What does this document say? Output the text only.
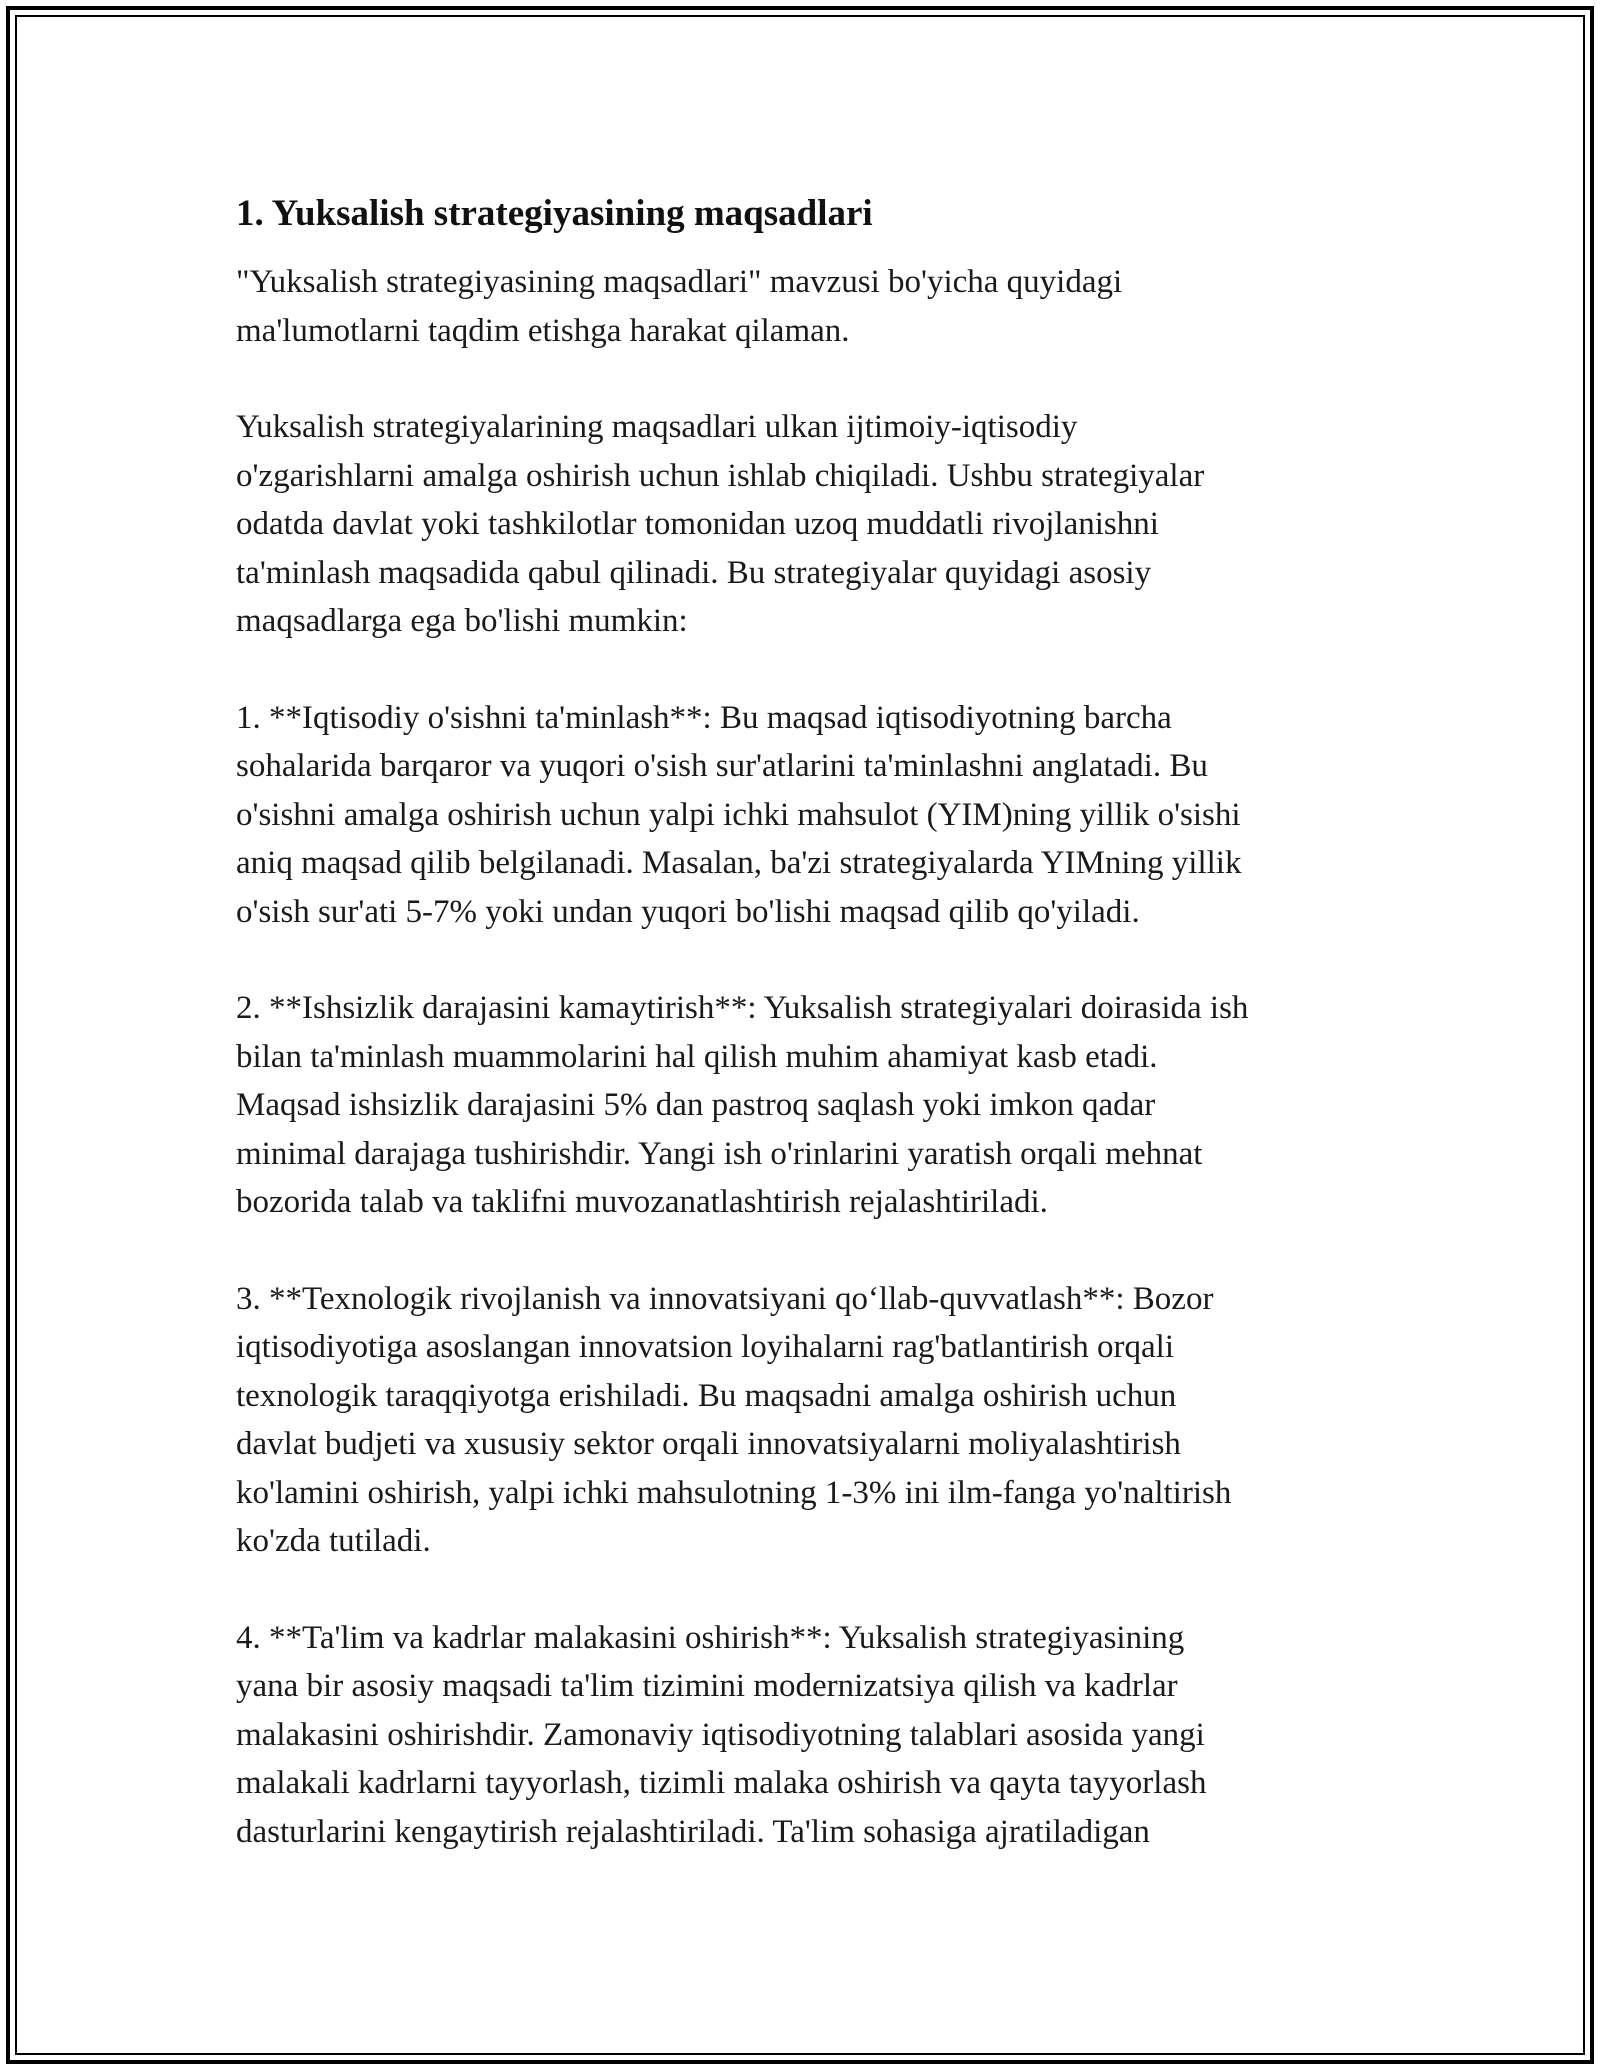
1. Yuksalish strategiyasining maqsadlari

"Yuksalish strategiyasining maqsadlari" mavzusi bo'yicha quyidagi
ma'lumotlarni taqdim etishga harakat qilaman.

Yuksalish strategiyalarining maqsadlari ulkan ijtimoiy-iqtisodiy
o'zgarishlarni amalga oshirish uchun ishlab chiqiladi. Ushbu strategiyalar
odatda davlat yoki tashkilotlar tomonidan uzoq muddatli rivojlanishni
ta'minlash maqsadida qabul qilinadi. Bu strategiyalar quyidagi asosiy
maqsadlarga ega bo'lishi mumkin:

1. **Iqtisodiy o'sishni ta'minlash**: Bu maqsad iqtisodiyotning barcha
sohalarida barqaror va yuqori o'sish sur'atlarini ta'minlashni anglatadi. Bu
o'sishni amalga oshirish uchun yalpi ichki mahsulot (YIM)ning yillik o'sishi
aniq maqsad qilib belgilanadi. Masalan, ba'zi strategiyalarda YIMning yillik
o'sish sur'ati 5-7% yoki undan yuqori bo'lishi maqsad qilib qo'yiladi.

2. **Ishsizlik darajasini kamaytirish**: Yuksalish strategiyalari doirasida ish
bilan ta'minlash muammolarini hal qilish muhim ahamiyat kasb etadi.
Maqsad ishsizlik darajasini 5% dan pastroq saqlash yoki imkon qadar
minimal darajaga tushirishdir. Yangi ish o'rinlarini yaratish orqali mehnat
bozorida talab va taklifni muvozanatlashtirish rejalashtiriladi.

3. **Texnologik rivojlanish va innovatsiyani qo‘llab-quvvatlash**: Bozor
iqtisodiyotiga asoslangan innovatsion loyihalarni rag'batlantirish orqali
texnologik taraqqiyotga erishiladi. Bu maqsadni amalga oshirish uchun
davlat budjeti va xususiy sektor orqali innovatsiyalarni moliyalashtirish
ko'lamini oshirish, yalpi ichki mahsulotning 1-3% ini ilm-fanga yo'naltirish
ko'zda tutiladi.

4. **Ta'lim va kadrlar malakasini oshirish**: Yuksalish strategiyasining
yana bir asosiy maqsadi ta'lim tizimini modernizatsiya qilish va kadrlar
malakasini oshirishdir. Zamonaviy iqtisodiyotning talablari asosida yangi
malakali kadrlarni tayyorlash, tizimli malaka oshirish va qayta tayyorlash
dasturlarini kengaytirish rejalashtiriladi. Ta'lim sohasiga ajratiladigan
